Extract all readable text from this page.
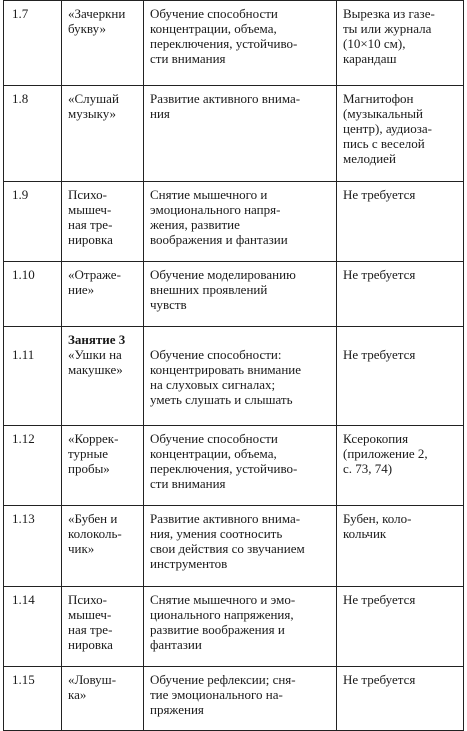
1.7	«Зачеркни
букву»	Обучение способности
концентрации, объема,
переключения, устойчиво-
сти внимания	Вырезка из газе-
ты или журнала
(10×10 см),
карандаш
1.8	«Слушай
музыку»	Развитие активного внима-
ния	Магнитофон
(музыкальный
центр), аудиоза-
пись с веселой
мелодией
1.9	Психо-
мышеч-
ная тре-
нировка	Снятие мышечного и
эмоционального напря-
жения, развитие
воображения и фантазии	Не требуется
1.10	«Отраже-
ние»	Обучение моделированию
внешних проявлений
чувств	Не требуется
1.11	Занятие 3
«Ушки на
макушке»	Обучение способности:
концентрировать внимание
на слуховых сигналах;
уметь слушать и слышать	Не требуется
1.12	«Коррек-
турные
пробы»	Обучение способности
концентрации, объема,
переключения, устойчиво-
сти внимания	Ксерокопия
(приложение 2,
с. 73, 74)
1.13	«Бубен и
колоколь-
чик»	Развитие активного внима-
ния, умения соотносить
свои действия со звучанием
инструментов	Бубен, коло-
кольчик
1.14	Психо-
мышеч-
ная тре-
нировка	Снятие мышечного и эмо-
ционального напряжения,
развитие воображения и
фантазии	Не требуется
1.15	«Ловуш-
ка»	Обучение рефлексии; сня-
тие эмоционального на-
пряжения	Не требуется
